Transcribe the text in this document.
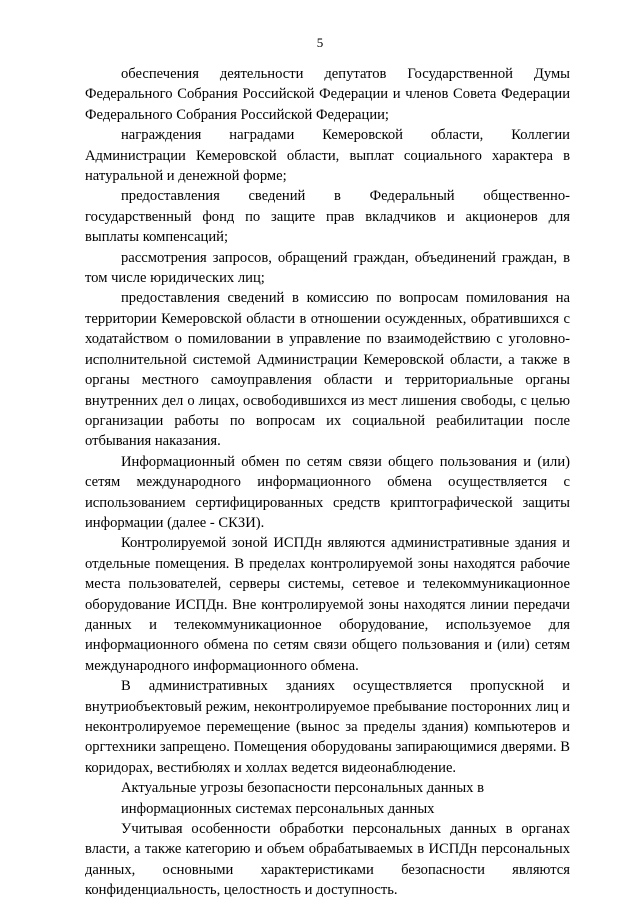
5

обеспечения деятельности депутатов Государственной Думы Федерального Собрания Российской Федерации и членов Совета Федерации Федерального Собрания Российской Федерации;

награждения наградами Кемеровской области, Коллегии Администрации Кемеровской области, выплат социального характера в натуральной и денежной форме;

предоставления сведений в Федеральный общественно-государственный фонд по защите прав вкладчиков и акционеров для выплаты компенсаций;

рассмотрения запросов, обращений граждан, объединений граждан, в том числе юридических лиц;

предоставления сведений в комиссию по вопросам помилования на территории Кемеровской области в отношении осужденных, обратившихся с ходатайством о помиловании в управление по взаимодействию с уголовно-исполнительной системой Администрации Кемеровской области, а также в органы местного самоуправления области и территориальные органы внутренних дел о лицах, освободившихся из мест лишения свободы, с целью организации работы по вопросам их социальной реабилитации после отбывания наказания.

Информационный обмен по сетям связи общего пользования и (или) сетям международного информационного обмена осуществляется с использованием сертифицированных средств криптографической защиты информации (далее - СКЗИ).

Контролируемой зоной ИСПДн являются административные здания и отдельные помещения. В пределах контролируемой зоны находятся рабочие места пользователей, серверы системы, сетевое и телекоммуникационное оборудование ИСПДн. Вне контролируемой зоны находятся линии передачи данных и телекоммуникационное оборудование, используемое для информационного обмена по сетям связи общего пользования и (или) сетям международного информационного обмена.

В административных зданиях осуществляется пропускной и внутриобъектовый режим, неконтролируемое пребывание посторонних лиц и неконтролируемое перемещение (вынос за пределы здания) компьютеров и оргтехники запрещено. Помещения оборудованы запирающимися дверями. В коридорах, вестибюлях и холлах ведется видеонаблюдение.

Актуальные угрозы безопасности персональных данных в
информационных системах персональных данных

Учитывая особенности обработки персональных данных в органах власти, а также категорию и объем обрабатываемых в ИСПДн персональных данных, основными характеристиками безопасности являются конфиденциальность, целостность и доступность.
